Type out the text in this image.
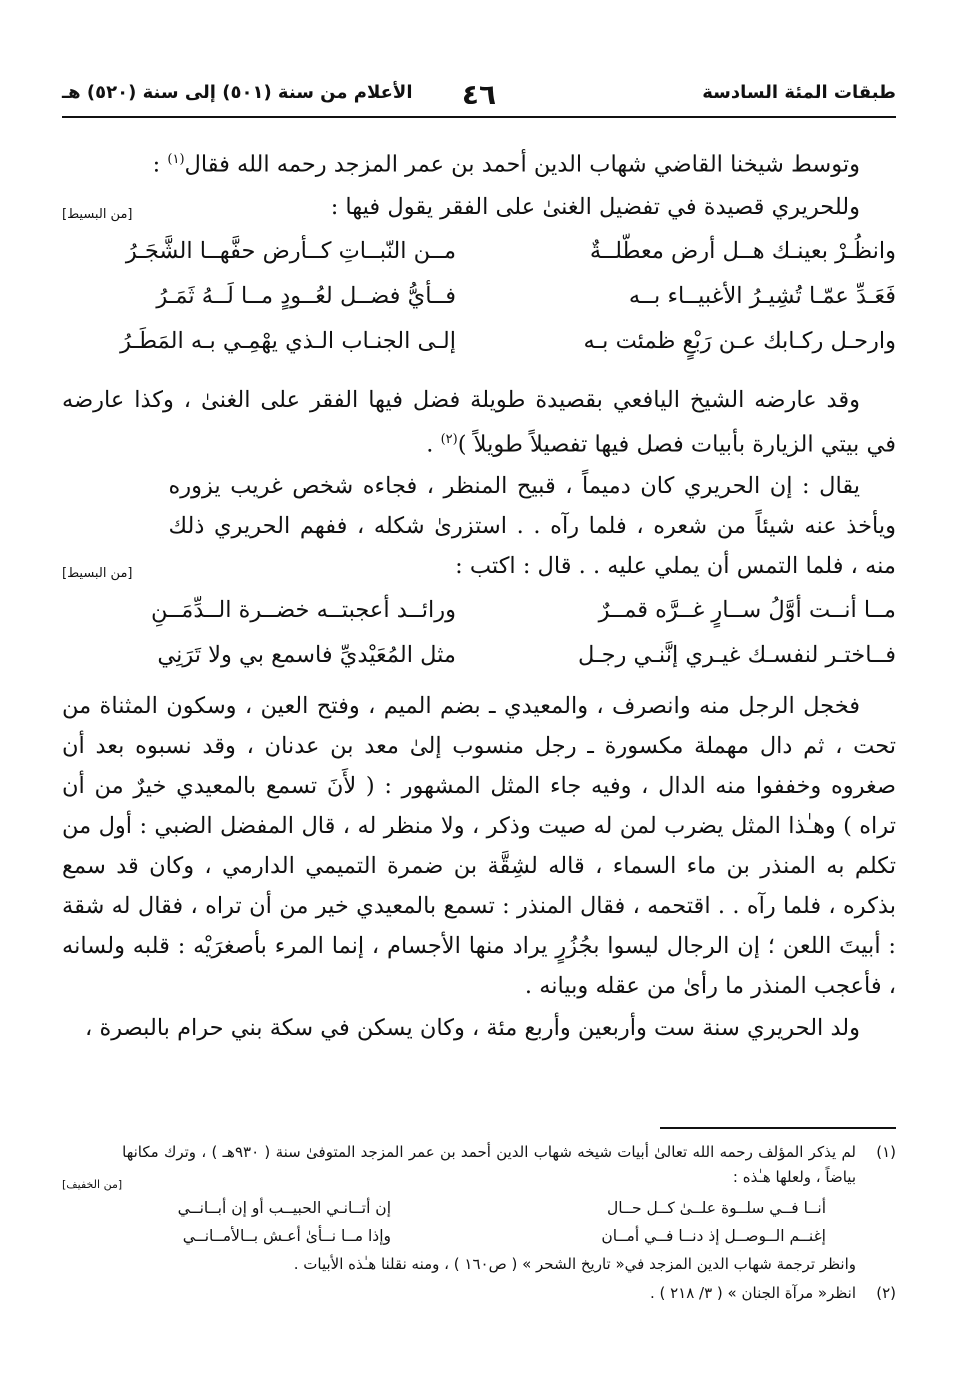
طبقات المئة السادسة
٤٦
الأعلام من سنة (٥٠١) إلى سنة (٥٢٠) هـ

وتوسط شيخنا القاضي شهاب الدين أحمد بن عمر المزجد رحمه الله فقال$^{(١)}$ :

[من البسيط]	وللحريري قصيدة في تفضيل الغنىٰ على الفقر يقول فيها :

وانظُـرْ بعينـك هــل أرض معطّلــةٌ
مــن النّبــاتِ كــأرض حفَّهــا الشَّجَـرُ
فَعَـدِّ عمّـا تُشِيـرُ الأغبيــاء بــه
فــأيُّ فضــل لعُــودٍ مــا لَــهُ ثَمَـرُ
وارحـل ركـابك عـن رَبْعٍ ظمئت بـه
إلـى الجنـاب الـذي يهْمِـي بـه المَطَـرُ

وقد عارضه الشيخ اليافعي بقصيدة طويلة فضل فيها الفقر على الغنىٰ ، وكذا عارضه في بيتي الزيارة بأبيات فصل فيها تفصيلاً طويلاً )$^{(٢)}$ .

[من البسيط]
يقال : إن الحريري كان دميماً ، قبيح المنظر ، فجاءه شخص غريب يزوره ويأخذ عنه شيئاً من شعره ، فلما رآه . . استزرىٰ شكله ، ففهم الحريري ذلك منه ، فلما التمس أن يملي عليه . . قال : اكتب :

مــا أنــت أوَّلُ ســارٍ غــرَّه قمــرٌ
ورائــد أعجبتــه خضــرة الــدِّمَــنِ
فــاختـر لنفسـك غيـري إنَّنـي رجـل
مثل المُعَيْديِّ فاسمع بي ولا تَرَنِي

فخجل الرجل منه وانصرف ، والمعيدي ـ بضم الميم ، وفتح العين ، وسكون المثناة من تحت ، ثم دال مهملة مكسورة ـ رجل منسوب إلىٰ معد بن عدنان ، وقد نسبوه بعد أن صغروه وخففوا منه الدال ، وفيه جاء المثل المشهور : ( لأَنَ تسمع بالمعيدي خيرٌ من أن تراه ) وهـٰذا المثل يضرب لمن له صيت وذكر ، ولا منظر له ، قال المفضل الضبي : أول من تكلم به المنذر بن ماء السماء ، قاله لشِقَّة بن ضمرة التميمي الدارمي ، وكان قد سمع بذكره ، فلما رآه . . اقتحمه ، فقال المنذر : تسمع بالمعيدي خير من أن تراه ، فقال له شقة : أبيتَ اللعن ؛ إن الرجال ليسوا بجُزُرٍ يراد منها الأجسام ، إنما المرء بأصغرَيْه : قلبه ولسانه ، فأعجب المنذر ما رأىٰ من عقله وبيانه .

ولد الحريري سنة ست وأربعين وأربع مئة ، وكان يسكن في سكة بني حرام بالبصرة ،

(١)

[من الخفيف]
لم يذكر المؤلف رحمه الله تعالىٰ أبيات شيخه شهاب الدين أحمد بن عمر المزجد المتوفىٰ سنة ( ٩٣٠هـ ) ، وترك مكانها بياضاً ، ولعلها هـٰذه :

أنــا فــي سلــوة علــىٰ كــل حــال
إن أتــانـي الحبيــب أو إن أبــانــي
إغنــم الــوصــل إذ دنــا فــي أمــان
وإذا مــا نــأىٰ أعـش بــالأمــانــي

وانظر ترجمة شهاب الدين المزجد في« تاريخ الشحر » ( ص١٦٠ ) ، ومنه نقلنا هـٰذه الأبيات .

(٢)

انظر« مرآة الجنان » ( ٣/ ٢١٨ ) .
